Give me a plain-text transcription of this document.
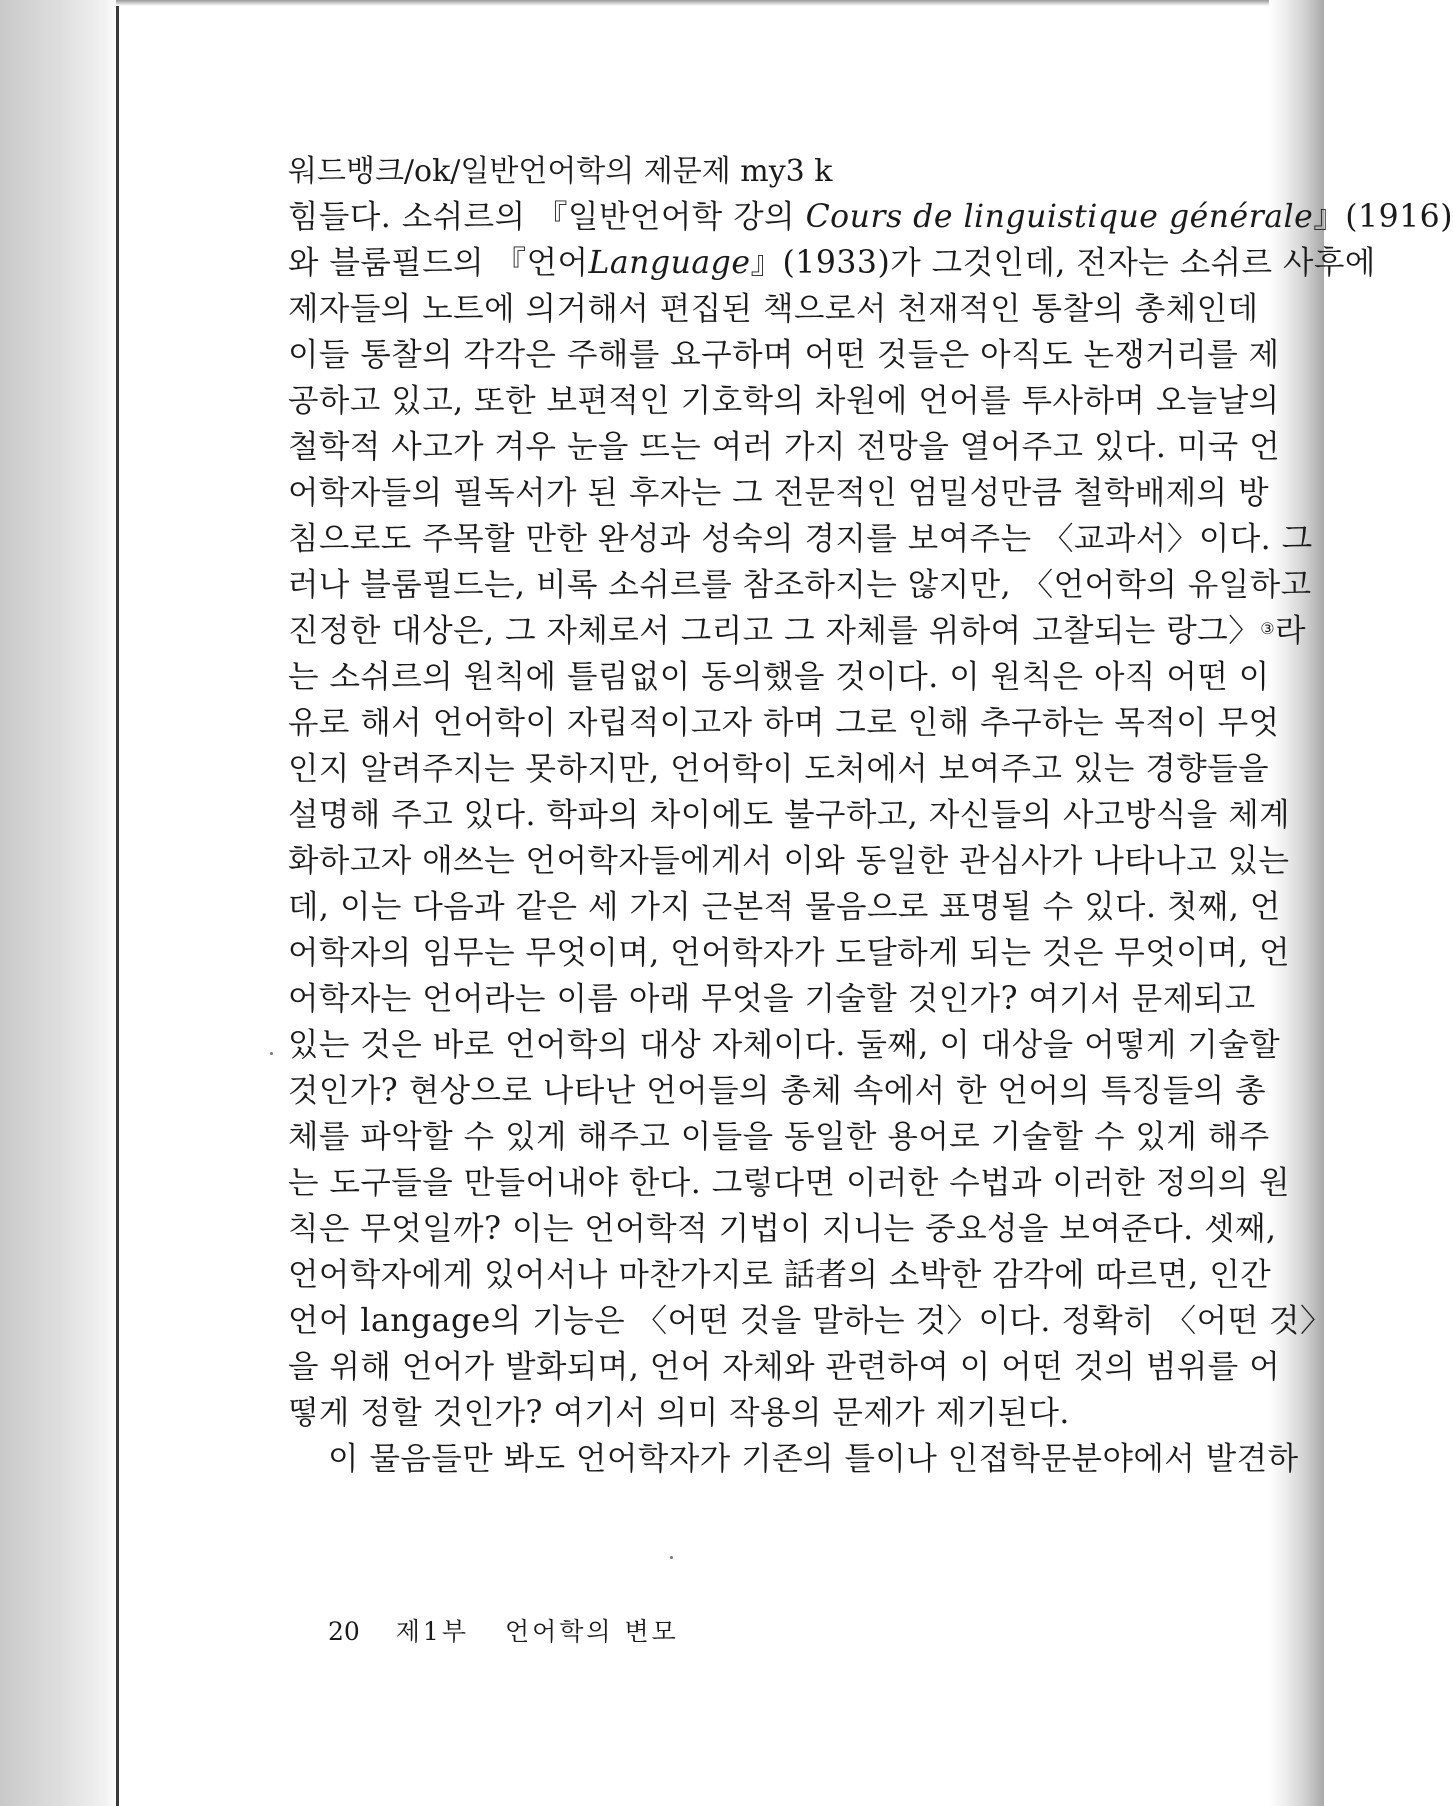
워드뱅크/ok/일반언어학의 제문제 my3 k
힘들다. 소쉬르의 『일반언어학 강의 Cours de linguistique générale』(1916)
와 블룸필드의 『언어Language』(1933)가 그것인데, 전자는 소쉬르 사후에
제자들의 노트에 의거해서 편집된 책으로서 천재적인 통찰의 총체인데
이들 통찰의 각각은 주해를 요구하며 어떤 것들은 아직도 논쟁거리를 제
공하고 있고, 또한 보편적인 기호학의 차원에 언어를 투사하며 오늘날의
철학적 사고가 겨우 눈을 뜨는 여러 가지 전망을 열어주고 있다. 미국 언
어학자들의 필독서가 된 후자는 그 전문적인 엄밀성만큼 철학배제의 방
침으로도 주목할 만한 완성과 성숙의 경지를 보여주는 〈교과서〉이다. 그
러나 블룸필드는, 비록 소쉬르를 참조하지는 않지만, 〈언어학의 유일하고
진정한 대상은, 그 자체로서 그리고 그 자체를 위하여 고찰되는 랑그〉③라
는 소쉬르의 원칙에 틀림없이 동의했을 것이다. 이 원칙은 아직 어떤 이
유로 해서 언어학이 자립적이고자 하며 그로 인해 추구하는 목적이 무엇
인지 알려주지는 못하지만, 언어학이 도처에서 보여주고 있는 경향들을
설명해 주고 있다. 학파의 차이에도 불구하고, 자신들의 사고방식을 체계
화하고자 애쓰는 언어학자들에게서 이와 동일한 관심사가 나타나고 있는
데, 이는 다음과 같은 세 가지 근본적 물음으로 표명될 수 있다. 첫째, 언
어학자의 임무는 무엇이며, 언어학자가 도달하게 되는 것은 무엇이며, 언
어학자는 언어라는 이름 아래 무엇을 기술할 것인가? 여기서 문제되고
있는 것은 바로 언어학의 대상 자체이다. 둘째, 이 대상을 어떻게 기술할
것인가? 현상으로 나타난 언어들의 총체 속에서 한 언어의 특징들의 총
체를 파악할 수 있게 해주고 이들을 동일한 용어로 기술할 수 있게 해주
는 도구들을 만들어내야 한다. 그렇다면 이러한 수법과 이러한 정의의 원
칙은 무엇일까? 이는 언어학적 기법이 지니는 중요성을 보여준다. 셋째,
언어학자에게 있어서나 마찬가지로 話者의 소박한 감각에 따르면, 인간
언어 langage의 기능은 〈어떤 것을 말하는 것〉이다. 정확히 〈어떤 것〉
을 위해 언어가 발화되며, 언어 자체와 관련하여 이 어떤 것의 범위를 어
떻게 정할 것인가? 여기서 의미 작용의 문제가 제기된다.
이 물음들만 봐도 언어학자가 기존의 틀이나 인접학문분야에서 발견하
20 제1부 언어학의 변모
